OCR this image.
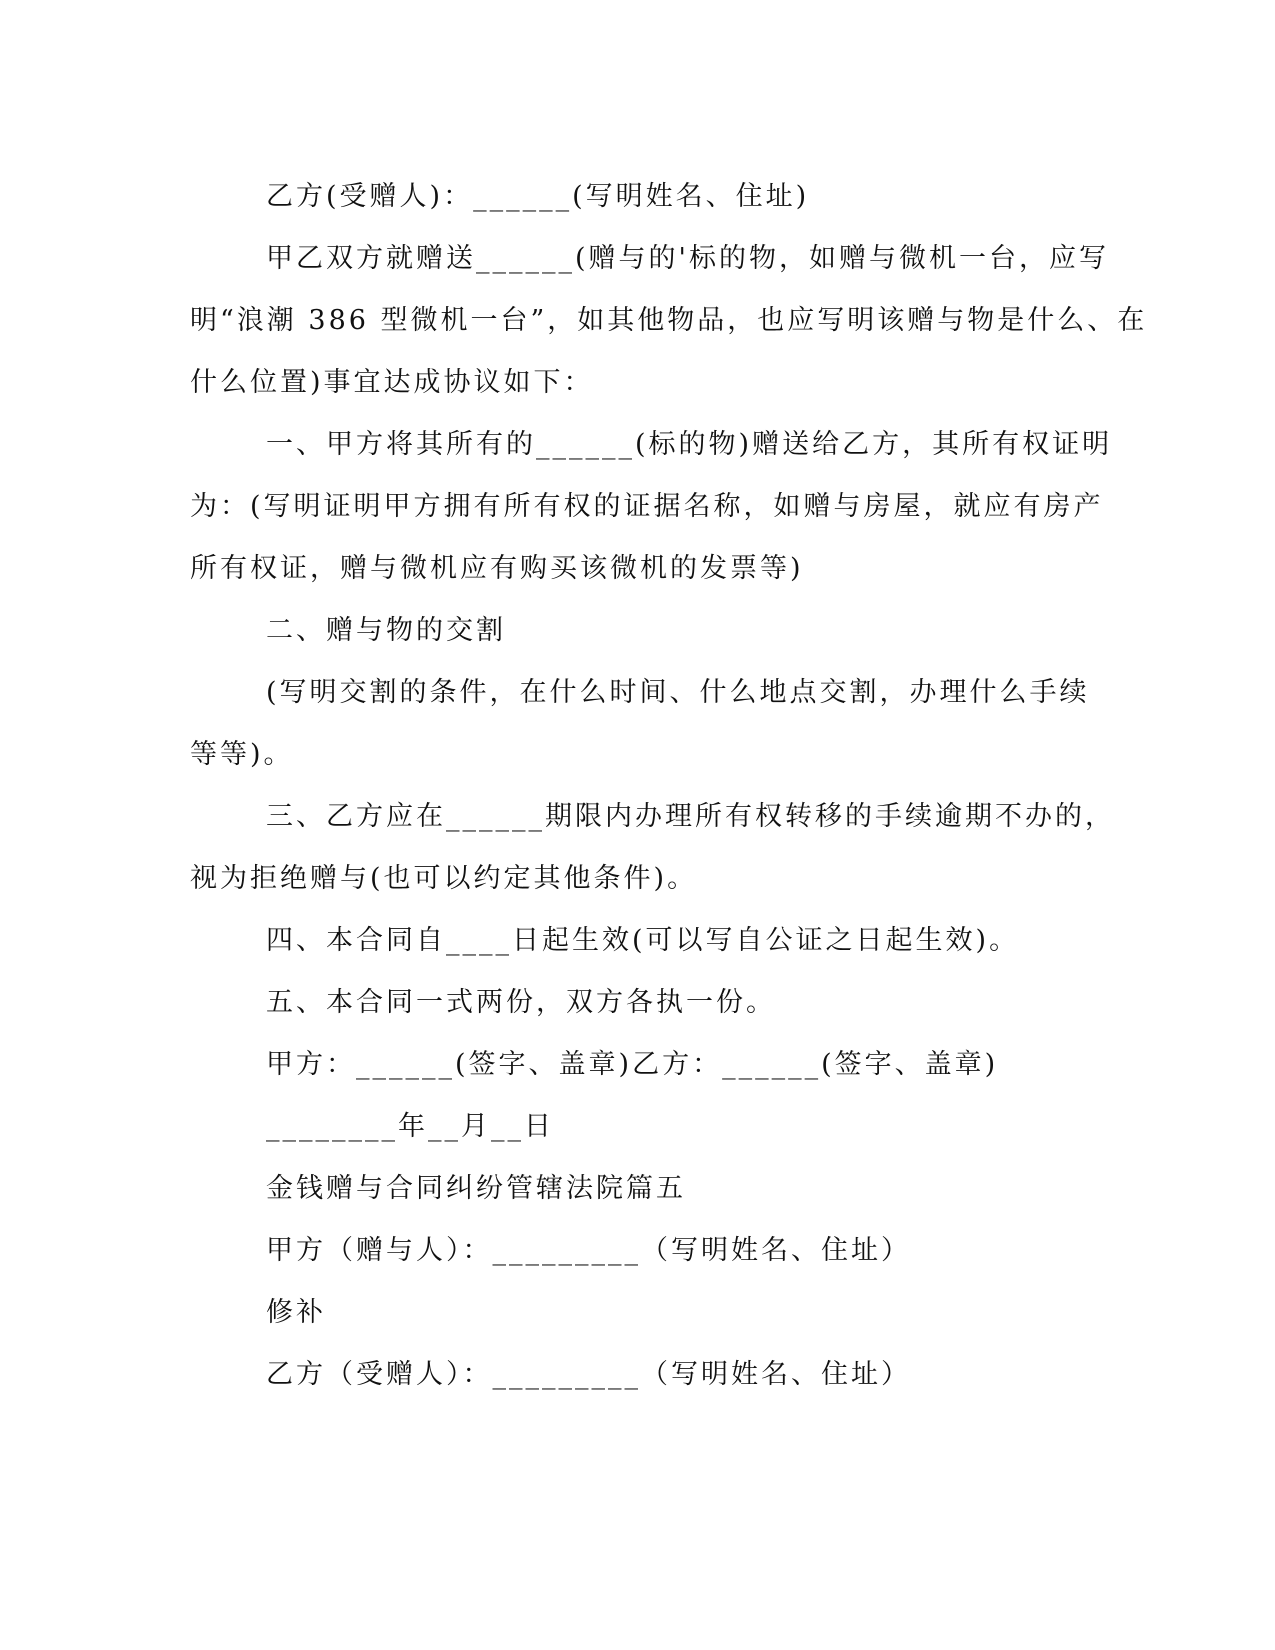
乙方(受赠人)：______(写明姓名、住址)
甲乙双方就赠送______(赠与的'标的物，如赠与微机一台，应写
明“浪潮 386 型微机一台”，如其他物品，也应写明该赠与物是什么、在
什么位置)事宜达成协议如下：
一、甲方将其所有的______(标的物)赠送给乙方，其所有权证明
为：(写明证明甲方拥有所有权的证据名称，如赠与房屋，就应有房产
所有权证，赠与微机应有购买该微机的发票等)
二、赠与物的交割
(写明交割的条件，在什么时间、什么地点交割，办理什么手续
等等)。
三、乙方应在______期限内办理所有权转移的手续逾期不办的，
视为拒绝赠与(也可以约定其他条件)。
四、本合同自____日起生效(可以写自公证之日起生效)。
五、本合同一式两份，双方各执一份。
甲方：______(签字、盖章)乙方：______(签字、盖章)
________年__月__日
金钱赠与合同纠纷管辖法院篇五
甲方（赠与人）：_________（写明姓名、住址）
修补
乙方（受赠人）：_________（写明姓名、住址）
